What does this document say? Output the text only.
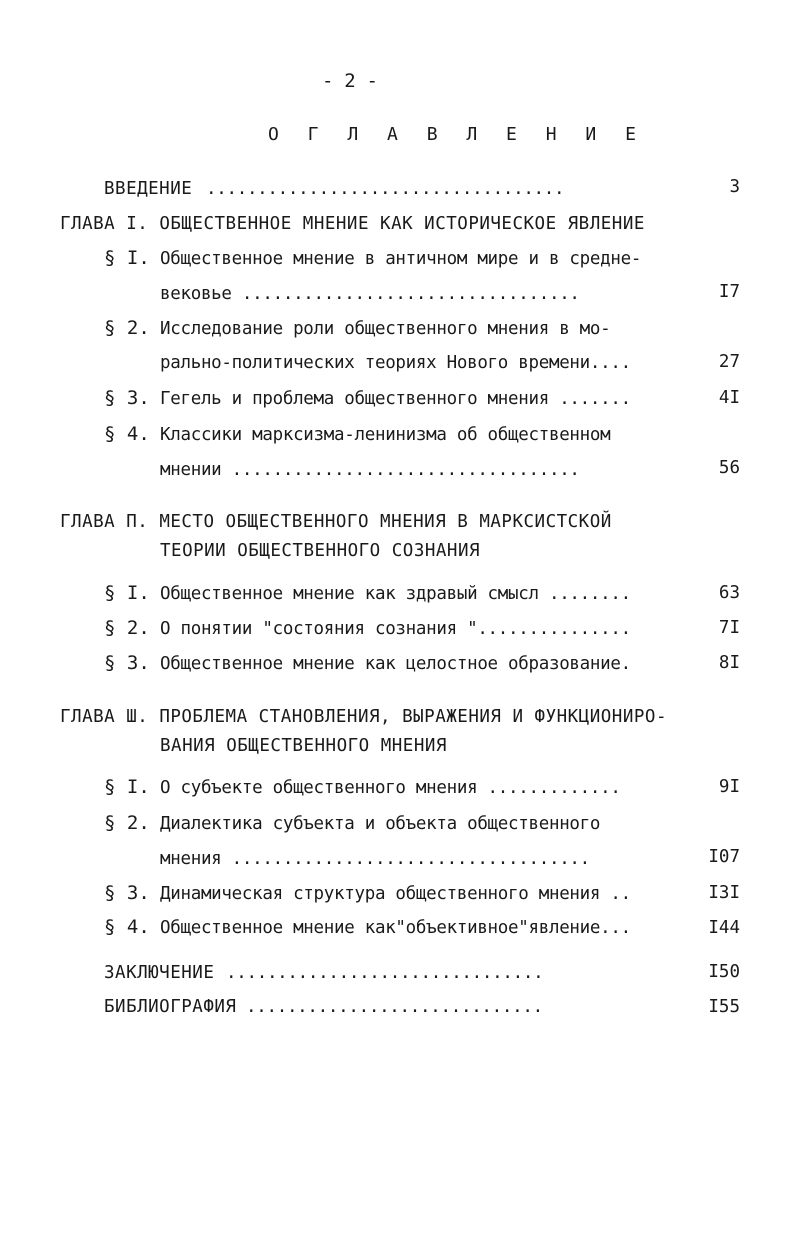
- 2 -
О Г Л А В Л Е Н И Е
ВВЕДЕНИЕ ...................................	3
ГЛАВА I. ОБЩЕСТВЕННОЕ МНЕНИЕ КАК ИСТОРИЧЕСКОЕ ЯВЛЕНИЕ
§ I. Общественное мнение в античном мире и в средне-
вековье .................................	I7
§ 2. Исследование роли общественного мнения в мо-
рально-политических теориях Нового времени....	27
§ 3. Гегель и проблема общественного мнения .......	4I
§ 4. Классики марксизма-ленинизма об общественном
мнении ..................................	56
ГЛАВА П. МЕСТО ОБЩЕСТВЕННОГО МНЕНИЯ В МАРКСИСТСКОЙ
ТЕОРИИ ОБЩЕСТВЕННОГО СОЗНАНИЯ
§ I. Общественное мнение как здравый смысл ........	63
§ 2. О понятии "состояния сознания "...............	7I
§ 3. Общественное мнение как целостное образование.	8I
ГЛАВА Ш. ПРОБЛЕМА СТАНОВЛЕНИЯ, ВЫРАЖЕНИЯ И ФУНКЦИОНИРО-
ВАНИЯ ОБЩЕСТВЕННОГО МНЕНИЯ
§ I. О субъекте общественного мнения .............	9I
§ 2. Диалектика субъекта и объекта общественного
мнения ...................................	I07
§ 3. Динамическая структура общественного мнения ..	I3I
§ 4. Общественное мнение как"объективное"явление...	I44
ЗАКЛЮЧЕНИЕ ...............................	I50
БИБЛИОГРАФИЯ .............................	I55
